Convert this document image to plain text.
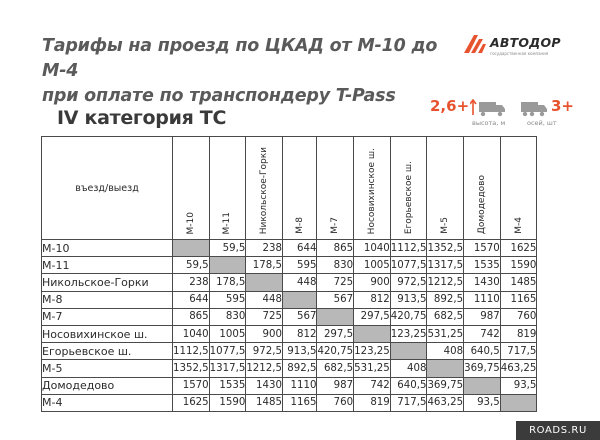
Тарифы на проезд по ЦКАД от М-10 до М-4
при оплате по транспондеру T-Pass
АВТОДОР
государственная компания
IV категория ТС
2,6+
высота, м
3+
осей, шт
въезд/выезд	М-10	М-11	Никольское-Горки	М-8	М-7	Носовихинское ш.	Егорьевское ш.	М-5	Домодедово	М-4

М-10		59,5	238	644	865	1040	1112,5	1352,5	1570	1625
М-11	59,5		178,5	595	830	1005	1077,5	1317,5	1535	1590
Никольское-Горки	238	178,5		448	725	900	972,5	1212,5	1430	1485
М-8	644	595	448		567	812	913,5	892,5	1110	1165
М-7	865	830	725	567		297,5	420,75	682,5	987	760
Носовихинское ш.	1040	1005	900	812	297,5		123,25	531,25	742	819
Егорьевское ш.	1112,5	1077,5	972,5	913,5	420,75	123,25		408	640,5	717,5
М-5	1352,5	1317,5	1212,5	892,5	682,5	531,25	408		369,75	463,25
Домодедово	1570	1535	1430	1110	987	742	640,5	369,75		93,5
М-4	1625	1590	1485	1165	760	819	717,5	463,25	93,5	
ROADS.RU
